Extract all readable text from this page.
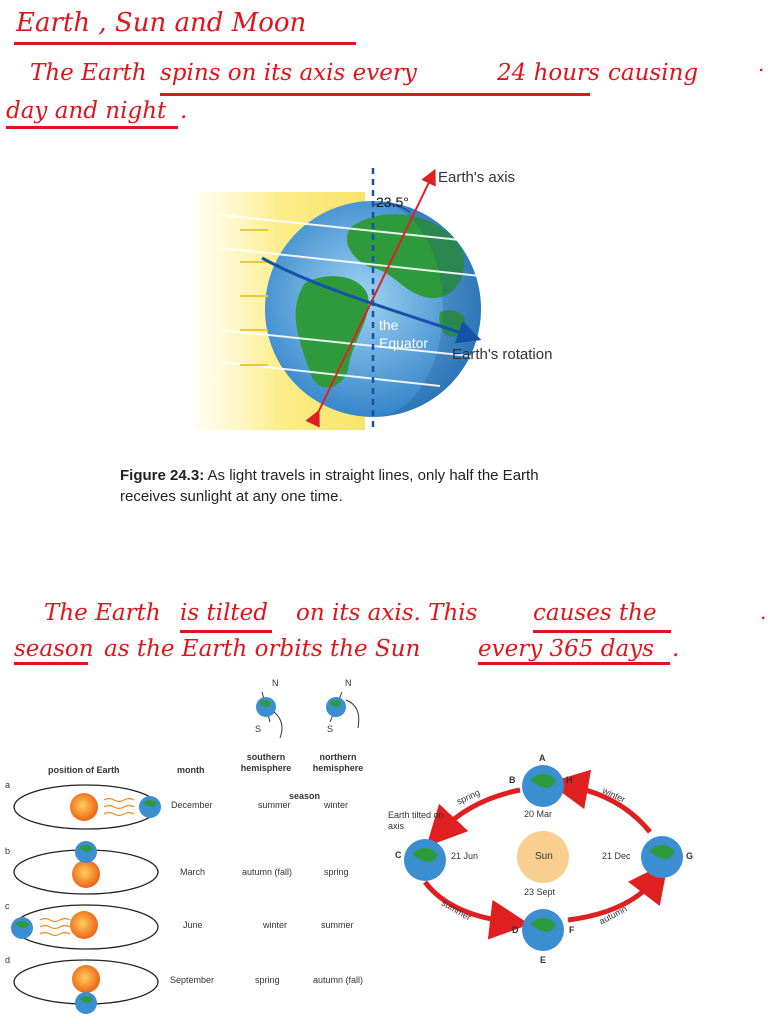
Earth , Sun and Moon
The Earth spins on its axis every	24 hours causing
day and night .
.
Earth's axis
23.5°
the
Equator
Earth's rotation
Figure 24.3: As light travels in straight lines, only half the Earth receives sunlight at any one time.
The Earth is tilted on its axis. This causes the
season as the Earth orbits the Sun	every 365 days .
.
N	N
S	S
southern hemisphere
northern hemisphere
position of Earth	month
season
a
December	summer	winter
b
March	autumn (fall)	spring
c
June	winter	summer
d
September	spring	autumn (fall)
Sun
Earth tilted on axis
spring	winter
summer	autumn
20 Mar
21 Jun	21 Dec
23 Sept
A
B	H
C	G
D
E
F
